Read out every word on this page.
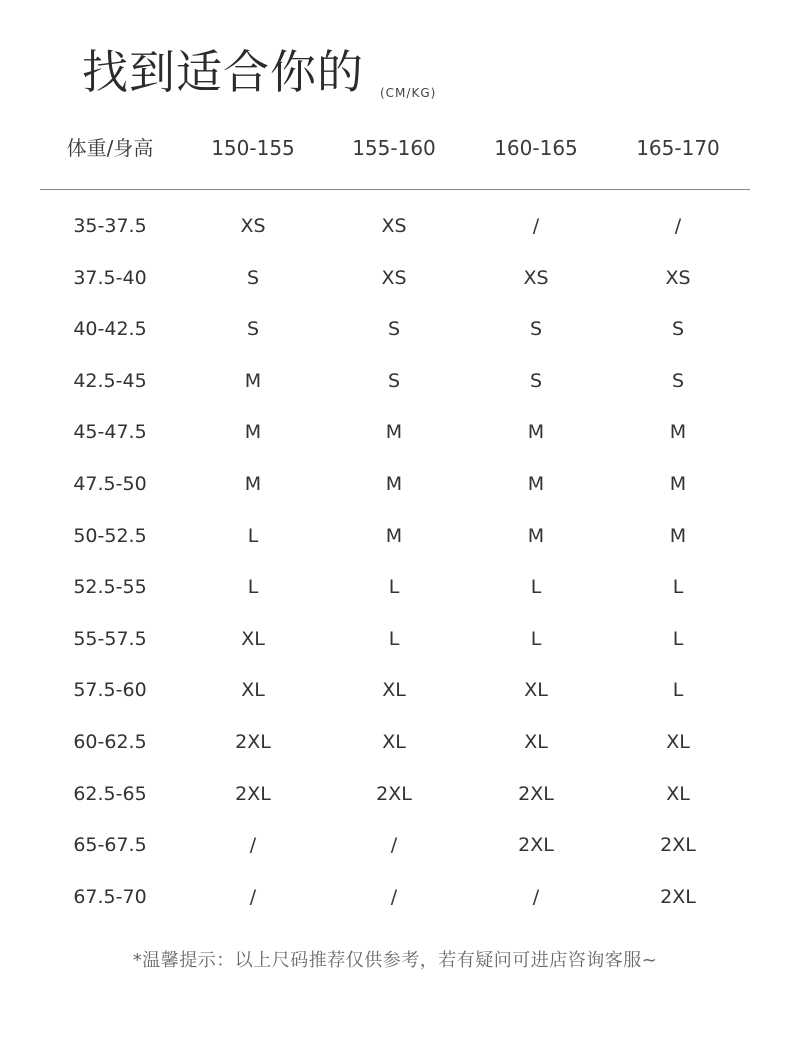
找到适合你的 (CM/KG)
体重/身高	150-155	155-160	160-165	165-170
35-37.5	XS	XS	/	/
37.5-40	S	XS	XS	XS
40-42.5	S	S	S	S
42.5-45	M	S	S	S
45-47.5	M	M	M	M
47.5-50	M	M	M	M
50-52.5	L	M	M	M
52.5-55	L	L	L	L
55-57.5	XL	L	L	L
57.5-60	XL	XL	XL	L
60-62.5	2XL	XL	XL	XL
62.5-65	2XL	2XL	2XL	XL
65-67.5	/	/	2XL	2XL
67.5-70	/	/	/	2XL
*温馨提示：以上尺码推荐仅供参考，若有疑问可进店咨询客服~
